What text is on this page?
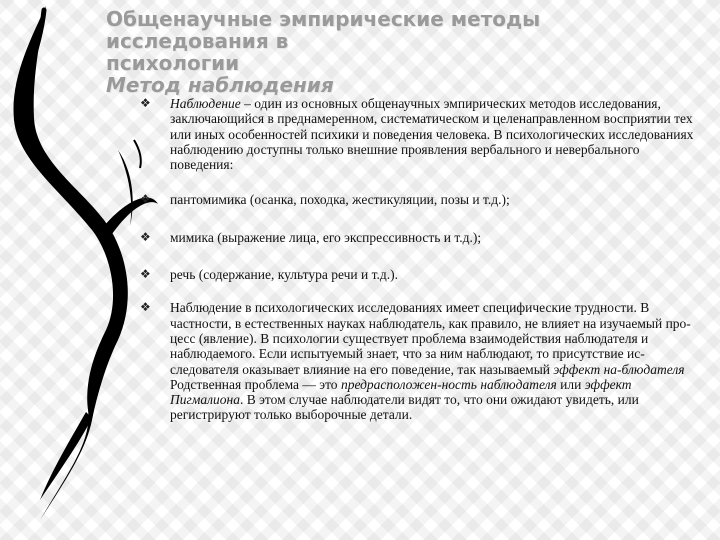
Общенаучные эмпирические методы исследования в
психологии
Метод наблюдения
❖ Наблюдение – один из основных общенаучных эмпирических методов исследования, заключающийся в преднамеренном, систематическом и целенаправленном восприятии тех или иных особенностей психики и поведения человека. В психологических исследованиях наблюдению доступны только внешние проявления вербального и невербального поведения:
❖ пантомимика (осанка, походка, жестикуляции, позы и т.д.);
❖ мимика (выражение лица, его экспрессивность и т.д.);
❖ речь (содержание, культура речи и т.д.).
❖ Наблюдение в психологических исследованиях имеет специфические трудности. В частности, в естественных науках наблюдатель, как правило, не влияет на изучаемый про-цесс (явление). В психологии существует проблема взаимодействия наблюдателя и наблюдаемого. Если испытуемый знает, что за ним наблюдают, то присутствие ис-следователя оказывает влияние на его поведение, так называемый эффект на-блюдателя Родственная проблема — это предрасположен-ность наблюдателя или эффект Пигмалиона. В этом случае наблюдатели видят то, что они ожидают увидеть, или регистрируют только выборочные детали.
